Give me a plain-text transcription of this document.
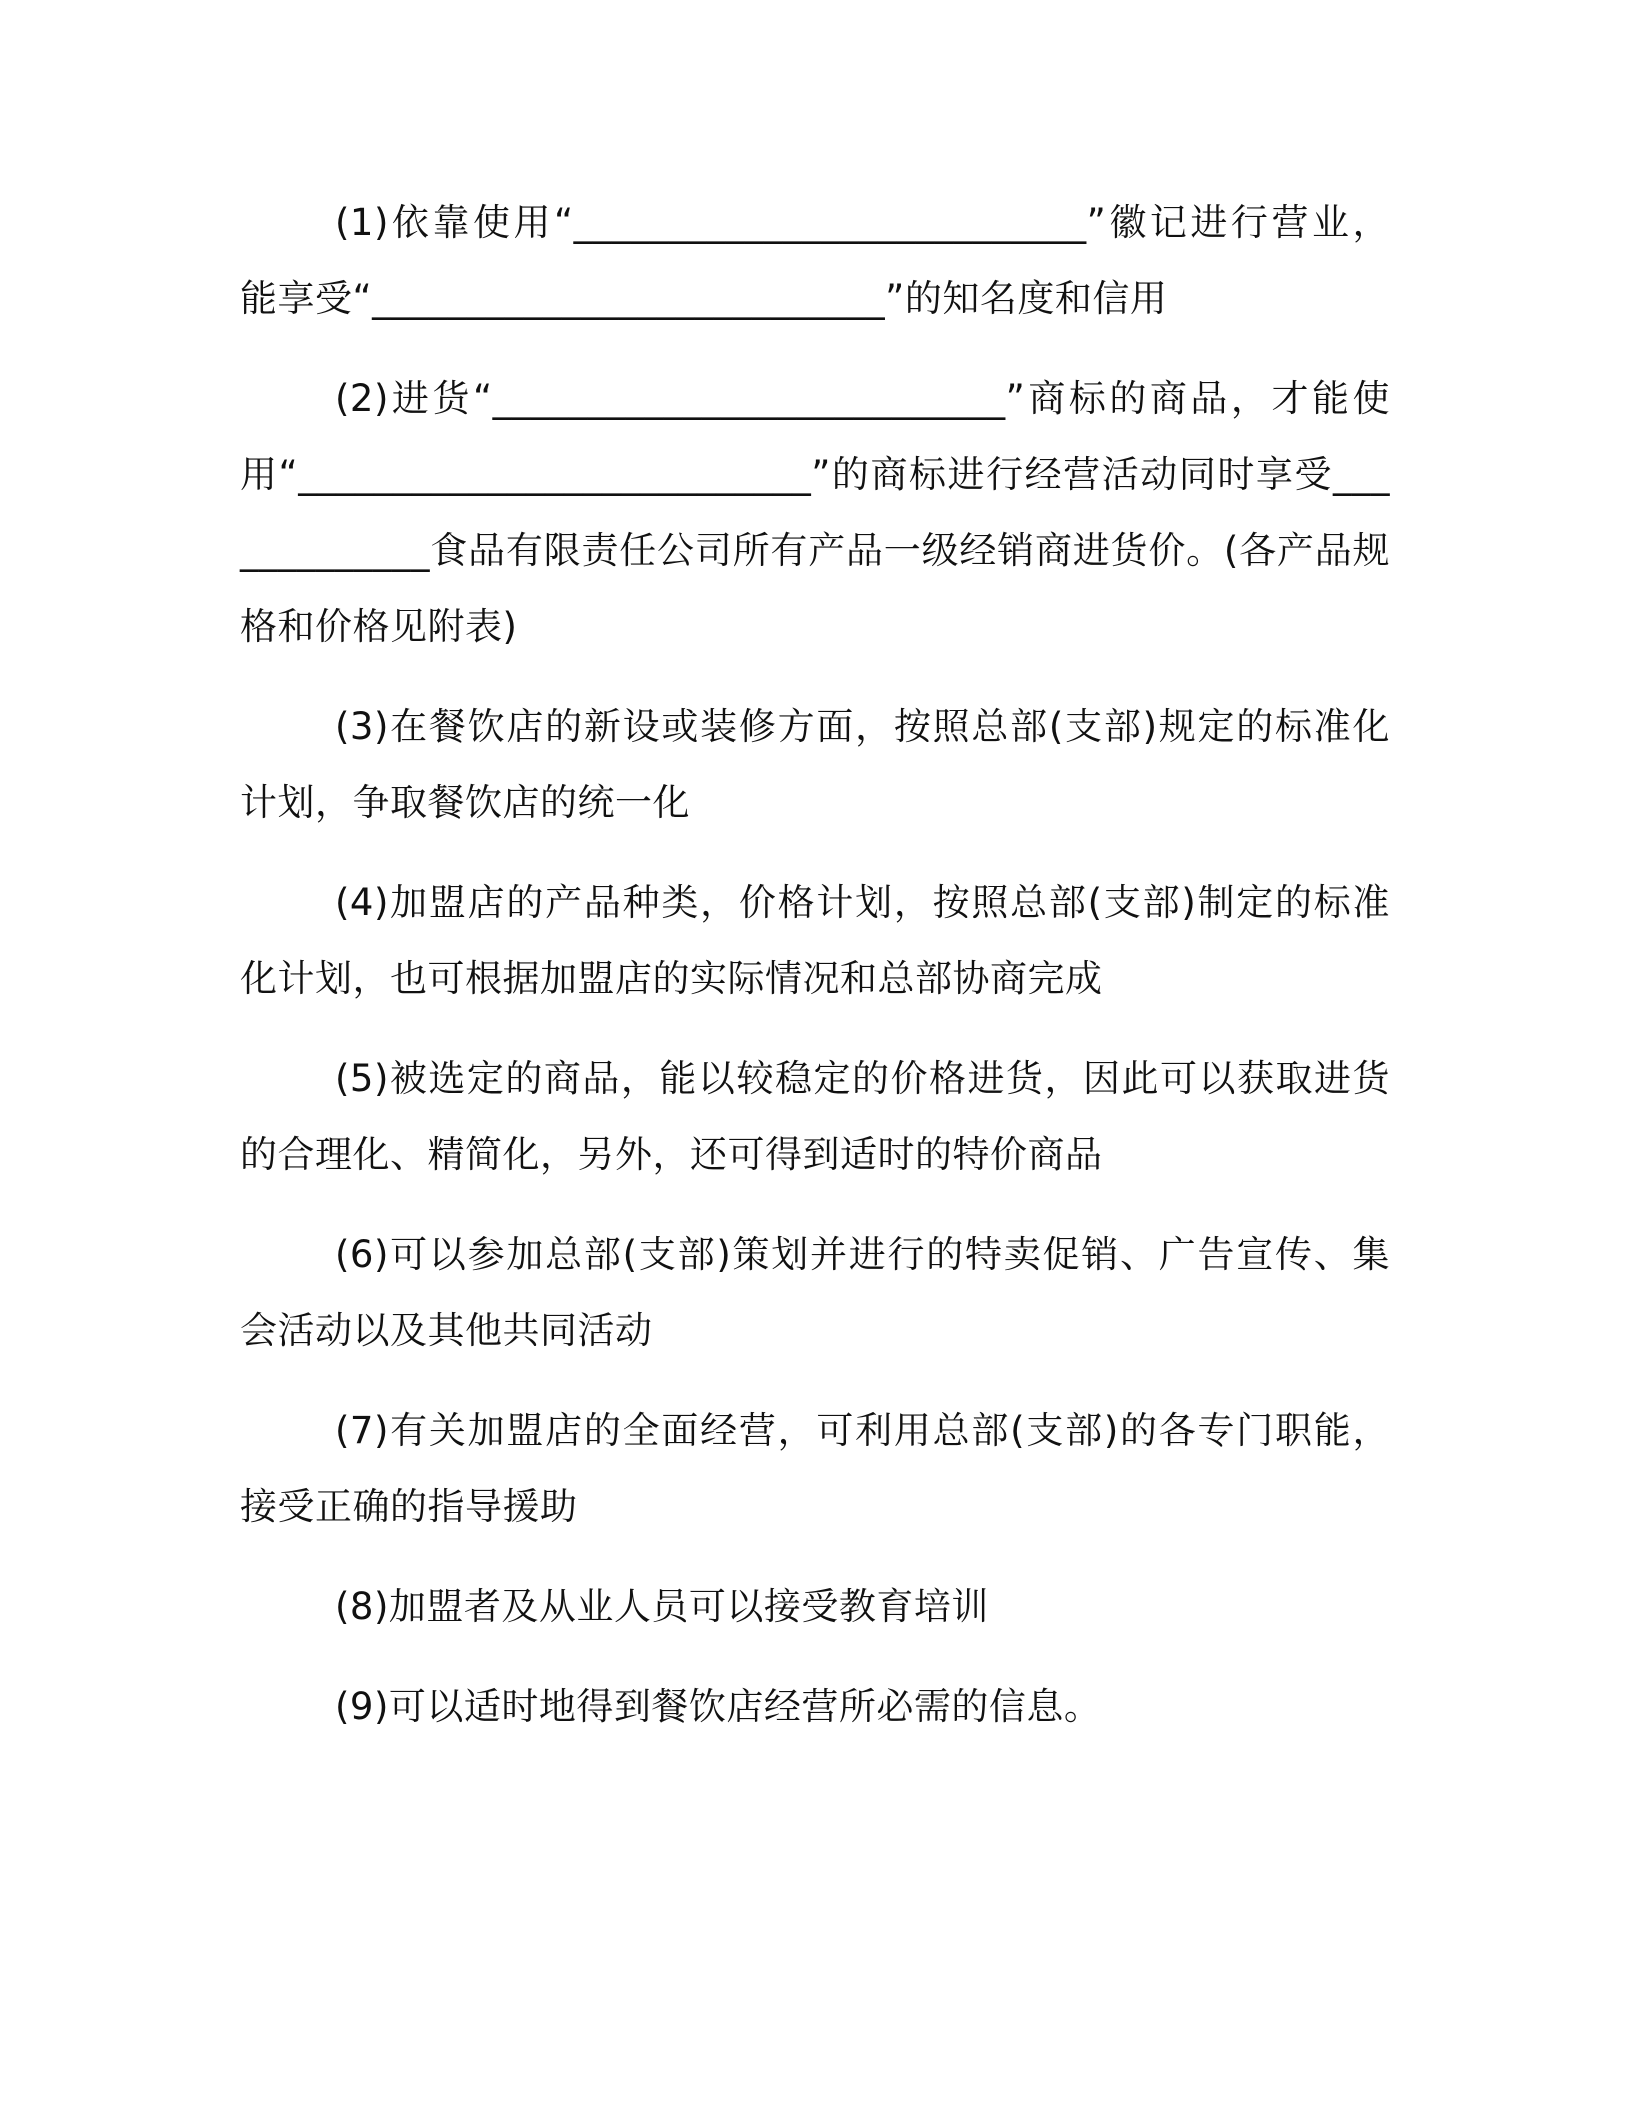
(1)依靠使用“___________________________”徽记进行营业，能享受“___________________________”的知名度和信用

(2)进货“___________________________”商标的商品，才能使用“___________________________”的商标进行经营活动同时享受_____________食品有限责任公司所有产品一级经销商进货价。(各产品规格和价格见附表)

(3)在餐饮店的新设或装修方面，按照总部(支部)规定的标准化计划，争取餐饮店的统一化

(4)加盟店的产品种类，价格计划，按照总部(支部)制定的标准化计划，也可根据加盟店的实际情况和总部协商完成

(5)被选定的商品，能以较稳定的价格进货，因此可以获取进货的合理化、精简化，另外，还可得到适时的特价商品

(6)可以参加总部(支部)策划并进行的特卖促销、广告宣传、集会活动以及其他共同活动

(7)有关加盟店的全面经营，可利用总部(支部)的各专门职能，接受正确的指导援助

(8)加盟者及从业人员可以接受教育培训

(9)可以适时地得到餐饮店经营所必需的信息。
